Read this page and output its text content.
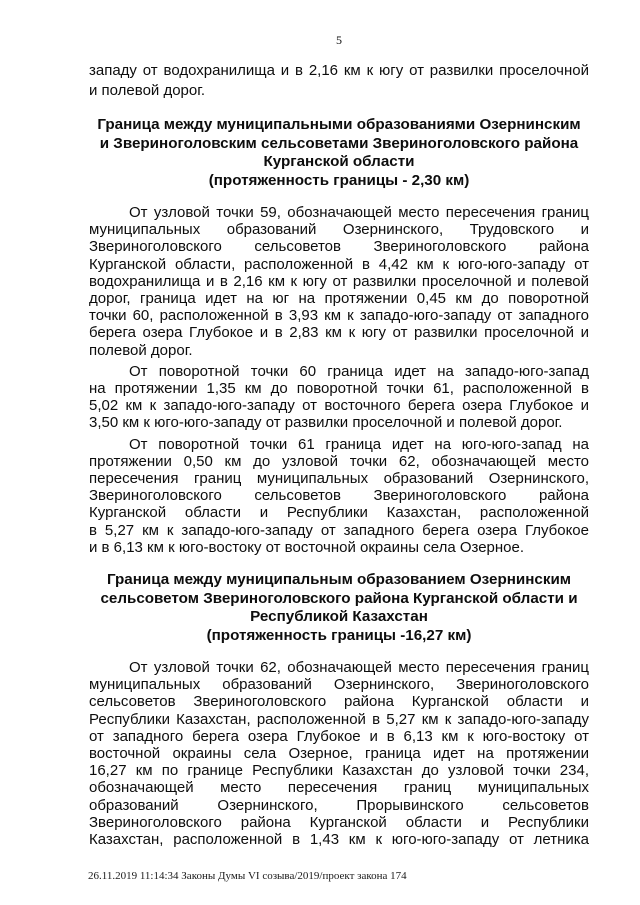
5
западу от водохранилища и в 2,16 км к югу от развилки проселочной
и полевой дорог.
Граница между муниципальными образованиями Озернинским
и Звериноголовским сельсоветами Звериноголовского района
Курганской области
(протяженность границы - 2,30 км)
От узловой точки 59, обозначающей место пересечения границ
муниципальных образований Озернинского, Трудовского и
Звериноголовского сельсоветов Звериноголовского района
Курганской области, расположенной в 4,42 км к юго-юго-западу от
водохранилища и в 2,16 км к югу от развилки проселочной и полевой
дорог, граница идет на юг на протяжении 0,45 км до поворотной
точки 60, расположенной в 3,93 км к западо-юго-западу от западного
берега озера Глубокое и в 2,83 км к югу от развилки проселочной и
полевой дорог.
От поворотной точки 60 граница идет на западо-юго-запад
на протяжении 1,35 км до поворотной точки 61, расположенной в
5,02 км к западо-юго-западу от восточного берега озера Глубокое и
3,50 км к юго-юго-западу от развилки проселочной и полевой дорог.
От поворотной точки 61 граница идет на юго-юго-запад на
протяжении 0,50 км до узловой точки 62, обозначающей место
пересечения границ муниципальных образований Озернинского,
Звериноголовского сельсоветов Звериноголовского района
Курганской области и Республики Казахстан, расположенной
в 5,27 км к западо-юго-западу от западного берега озера Глубокое
и в 6,13 км к юго-востоку от восточной окраины села Озерное.
Граница между муниципальным образованием Озернинским
сельсоветом Звериноголовского района Курганской области и
Республикой Казахстан
(протяженность границы -16,27 км)
От узловой точки 62, обозначающей место пересечения границ
муниципальных образований Озернинского, Звериноголовского
сельсоветов Звериноголовского района Курганской области и
Республики Казахстан, расположенной в 5,27 км к западо-юго-западу
от западного берега озера Глубокое и в 6,13 км к юго-востоку от
восточной окраины села Озерное, граница идет на протяжении
16,27 км по границе Республики Казахстан до узловой точки 234,
обозначающей место пересечения границ муниципальных
образований Озернинского, Прорывинского сельсоветов
Звериноголовского района Курганской области и Республики
Казахстан, расположенной в 1,43 км к юго-юго-западу от летника
26.11.2019 11:14:34 Законы Думы VI созыва/2019/проект закона 174
